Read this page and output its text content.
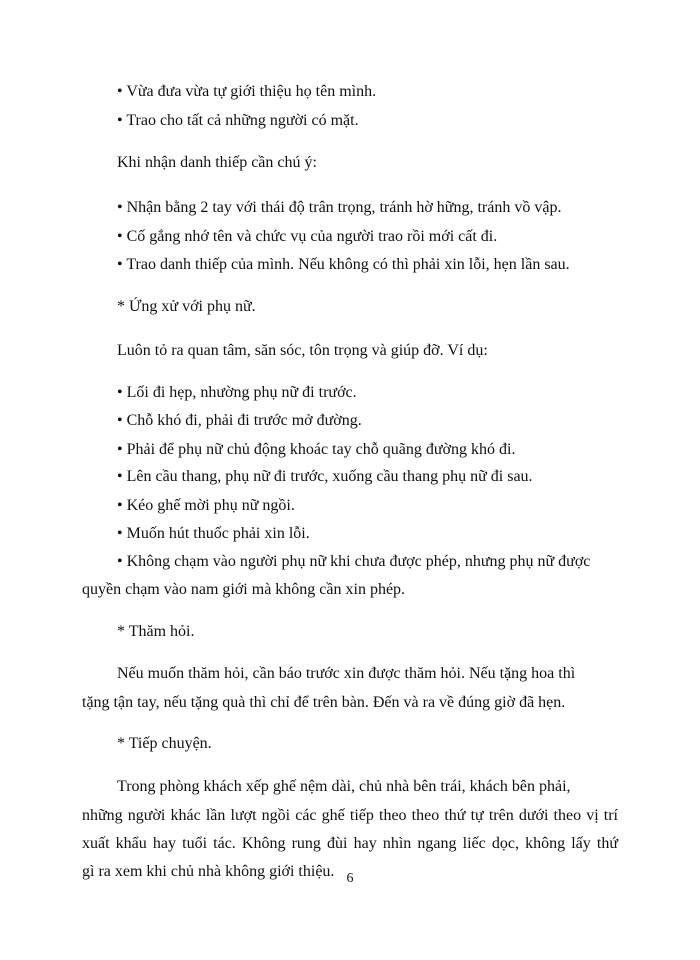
• Vừa đưa vừa tự giới thiệu họ tên mình.
• Trao cho tất cả những người có mặt.
Khi nhận danh thiếp cần chú ý:
• Nhận bằng 2 tay với thái độ trân trọng, tránh hờ hững, tránh vồ vập.
• Cố gắng nhớ tên và chức vụ của người trao rồi mới cất đi.
• Trao danh thiếp của mình. Nếu không có thì phải xin lỗi, hẹn lần sau.
* Ứng xử với phụ nữ.
Luôn tỏ ra quan tâm, săn sóc, tôn trọng và giúp đỡ. Ví dụ:
• Lối đi hẹp, nhường phụ nữ đi trước.
• Chỗ khó đi, phải đi trước mở đường.
• Phải để phụ nữ chủ động khoác tay chỗ quãng đường khó đi.
• Lên cầu thang, phụ nữ đi trước, xuống cầu thang phụ nữ đi sau.
• Kéo ghế mời phụ nữ ngồi.
• Muốn hút thuốc phải xin lỗi.
• Không chạm vào người phụ nữ khi chưa được phép, nhưng phụ nữ được
quyền chạm vào nam giới mà không cần xin phép.
* Thăm hỏi.
Nếu muốn thăm hỏi, cần báo trước xin được thăm hỏi. Nếu tặng hoa thì
tặng tận tay, nếu tặng quà thì chỉ để trên bàn. Đến và ra về đúng giờ đã hẹn.
* Tiếp chuyện.
Trong phòng khách xếp ghế nệm dài, chủ nhà bên trái, khách bên phải,
những người khác lần lượt ngồi các ghế tiếp theo theo thứ tự trên dưới theo vị trí
xuất khẩu hay tuổi tác. Không rung đùi hay nhìn ngang liếc dọc, không lấy thứ
gì ra xem khi chủ nhà không giới thiệu. 6
